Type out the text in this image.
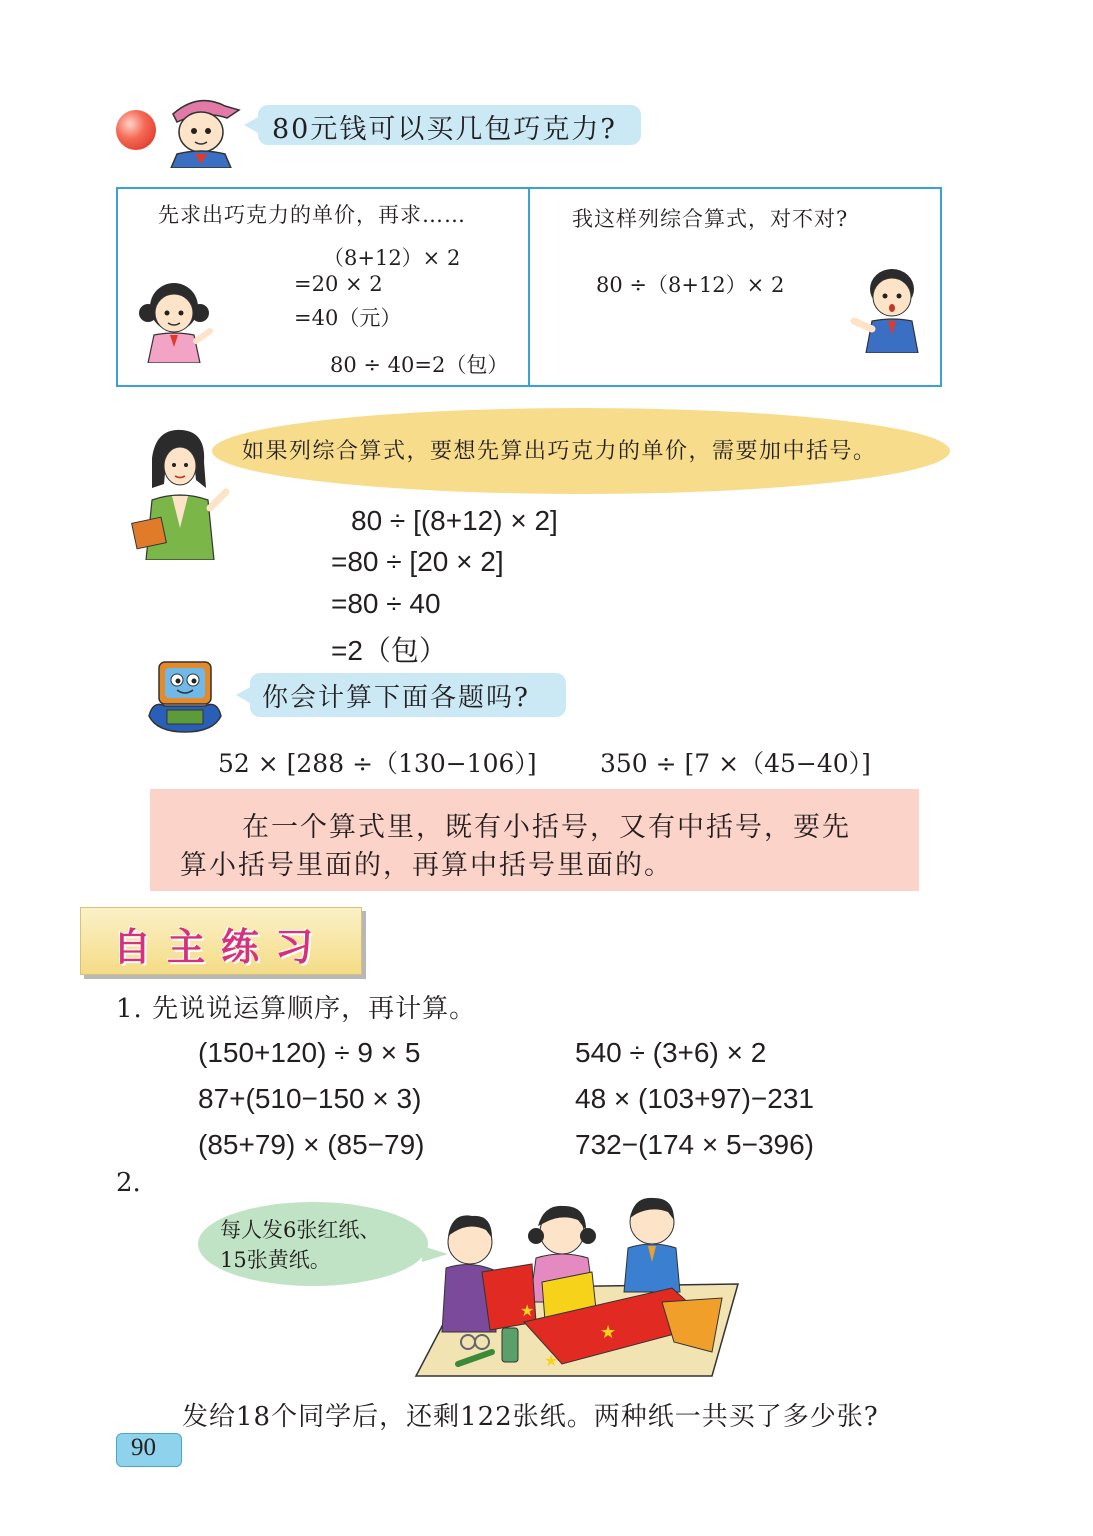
80元钱可以买几包巧克力?
先求出巧克力的单价，再求……
（8+12）× 2
=20 × 2
=40（元）
80 ÷ 40=2（包）
我这样列综合算式，对不对?
80 ÷（8+12）× 2
如果列综合算式，要想先算出巧克力的单价，需要加中括号。
80 ÷ [(8+12) × 2]
=80 ÷ [20 × 2]
=80 ÷ 40
=2（包）
你会计算下面各题吗?
52 × [288 ÷（130−106）]	350 ÷ [7 ×（45−40）]
在一个算式里，既有小括号，又有中括号，要先
算小括号里面的，再算中括号里面的。
自主练习
1. 先说说运算顺序，再计算。
(150+120) ÷ 9 × 5	540 ÷ (3+6) × 2
87+(510−150 × 3)	48 × (103+97)−231
(85+79) × (85−79)	732−(174 × 5−396)
2.
每人发6张红纸、
15张黄纸。
★
★
★
发给18个同学后，还剩122张纸。两种纸一共买了多少张?
90
